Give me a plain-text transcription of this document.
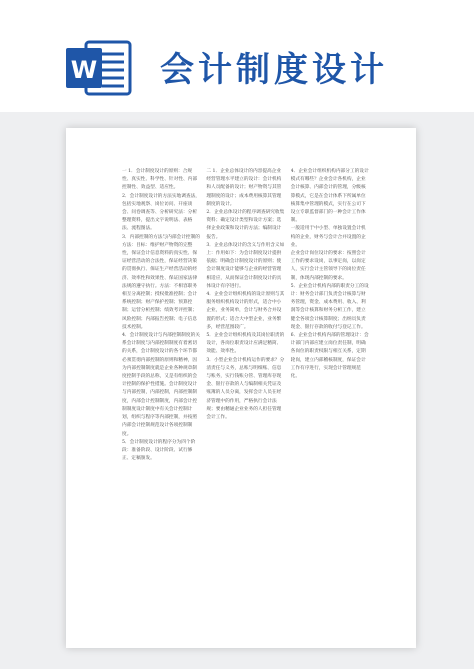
W 会计制度设计

一 1．会计制度设计的原则：合规性、真实性、科学性、针对性、内部控制性、效益型、适应性。

2．会计制度设计的方法实地调查法，包括实地观察、岗位访问、开座谈会、问卷调查等、分析研究法：分析整理资料，提出文字说明法、表格法、流程图法。

3．内部控制的方法与内部会计控制的方法：目标：维护财产物资的完整性，保证会计信息资料的真实性、保证经营活动的合法性，保证经营决策的贯彻执行、保证生产经营活动的经济、效率性和效果性、保证国家法律法规的遵守执行。方法：不相容职务相互分离控制；授权批准控制；会计系统控制；财产保护控制；预算控制；运营分析控制；绩效考评控制；风险控制；内部报告控制；电子信息技术控制。

4．会计制度设计与内部控制制度的关系会计制度与内部控制制度有着密切的关系，会计制度设计的各个环节都必须贯彻内部控制的原则和精神，因为内部控制制度就是企业各种规章制度控制手段的总称，又是有组织的会计控制的保护性措施。会计制度设计与内部控制，内部控制，内部控制制度，内部会计控制制度，内部会计控制制度设计制度中有关会计控制计划，组织与程序等内部控制，并按照内部会计控制规范设计各项控制制度。

5．会计制度设计的程序分为四个阶段：准备阶段、设计阶段、试行修正、定稿颁发。

二 1．企业总体设计的内容提高企业经营管理水平建立的设计：会计机构和人员配备的设计；财产物资与其管理制度的设计；成本费用核算其管理制度的设计。

2．企业总体设计的程序调查研究收集资料；确定设计类型和设计方案；选择企业政策和设计的方法；编制设计报告。

3．企业总体设计的含义与作用含义如上：作用如下：为会计制度设计提供依据；明确会计制度设计的原则；使会计制度设计能够与企业的经营管理相适应，从而保证会计制度设计的具体设计有序进行。

4．企业会计组织机构的设计原则与其服务组织机构设计的形式，适合中小企业，业务简单，会计与财务合并设置的形式；适合大中型企业，业务繁多，经营范围较广。

5．企业会计组织机构及其岗位职责的设计，各岗位职责设计应满足精简、效能、效率性。

3．小型企业会计机构运作的要求？分清责任与义务，总账与明细账、信息与账务，实行钱账分管、管理库存现金、银行存款的人与编制相关凭证及账簿的人员分离，发挥会计人员在经济管理中的作用，严格执行会计法规；要由精通企业业务的人担任管理会计工作。

4．企业会计组织机构内部分工的设计模式有哪些？企业会计各机构，企业会计核算、内部会计的管理，分级核算模式，它是在会计体系下所属单位核算集中管理的模式，实行在公司下设立专职监督部门的一种会计工作体制。

一般适用于中小型、单独设置会计机构的企业，财务与会计合并设置的企业。

企业会计岗位设计的要求：按照会计工作的要求设岗，以事定岗，以岗定人，实行会计主管领导下的岗位责任制，体现内部控制的要求。

5．企业会计机构内部的职责分工的设计：财务会计部门负责会计核算与财务管理，资金、成本费用、收入、利润等会计核算和财务分析工作，建立健全各项会计核算制度；出纳员负责现金、银行存款的收付与登记工作。

6．企业会计机构内部的管理设计：会计部门内部应建立岗位责任制，明确各岗位的职责权限与相互关系，定期轮岗，建立内部稽核制度，保证会计工作有序进行，实现会计管理规范化。
